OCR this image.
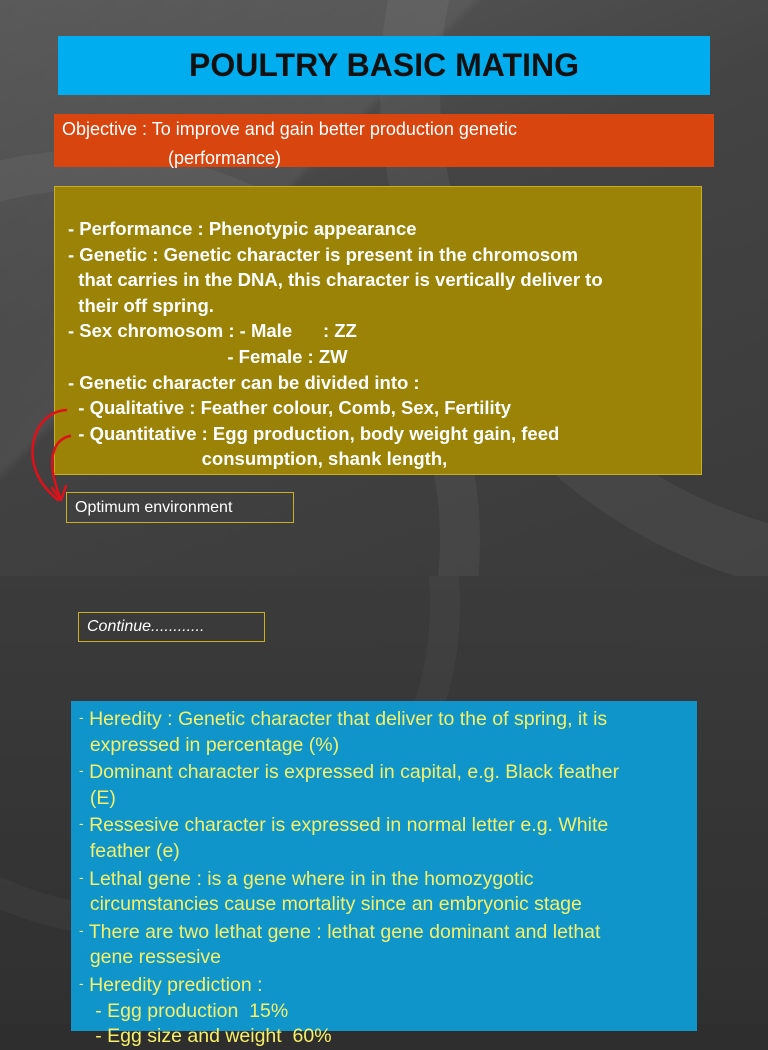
POULTRY BASIC MATING
Objective : To improve and gain better production genetic
(performance)
- Performance : Phenotypic appearance
- Genetic : Genetic character is present in the chromosom
that carries in the DNA, this character is vertically deliver to
their off spring.
- Sex chromosom : - Male      : ZZ
- Female : ZW
- Genetic character can be divided into :
- Qualitative : Feather colour, Comb, Sex, Fertility
- Quantitative : Egg production, body weight gain, feed
consumption, shank length,
Optimum environment
Continue............
- Heredity : Genetic character that deliver to the of spring, it is
expressed in percentage (%)
- Dominant character is expressed in capital, e.g. Black feather
(E)
- Ressesive character is expressed in normal letter e.g. White
feather (e)
- Lethal gene : is a gene where in in the homozygotic
circumstancies cause mortality since an embryonic stage
- There are two lethat gene : lethat gene dominant and lethat
gene ressesive
- Heredity prediction :
- Egg production  15%
- Egg size and weight  60%
